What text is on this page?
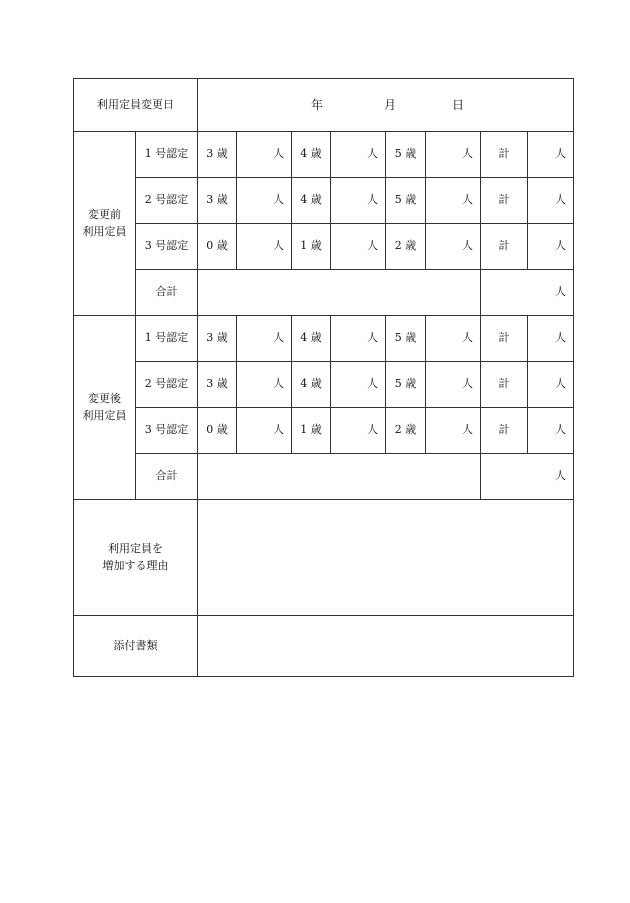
利用定員変更日		年 月 日							

変更前
利用定員	1 号認定	3 歳	人	4 歳	人	5 歳	人	計	人
	2 号認定	3 歳	人	4 歳	人	5 歳	人	計	人
	3 号認定	0 歳	人	1 歳	人	2 歳	人	計	人
	合計							人	

変更後
利用定員	1 号認定	3 歳	人	4 歳	人	5 歳	人	計	人
	2 号認定	3 歳	人	4 歳	人	5 歳	人	計	人
	3 号認定	0 歳	人	1 歳	人	2 歳	人	計	人
	合計							人	

利用定員を
増加する理由									

添付書類									
